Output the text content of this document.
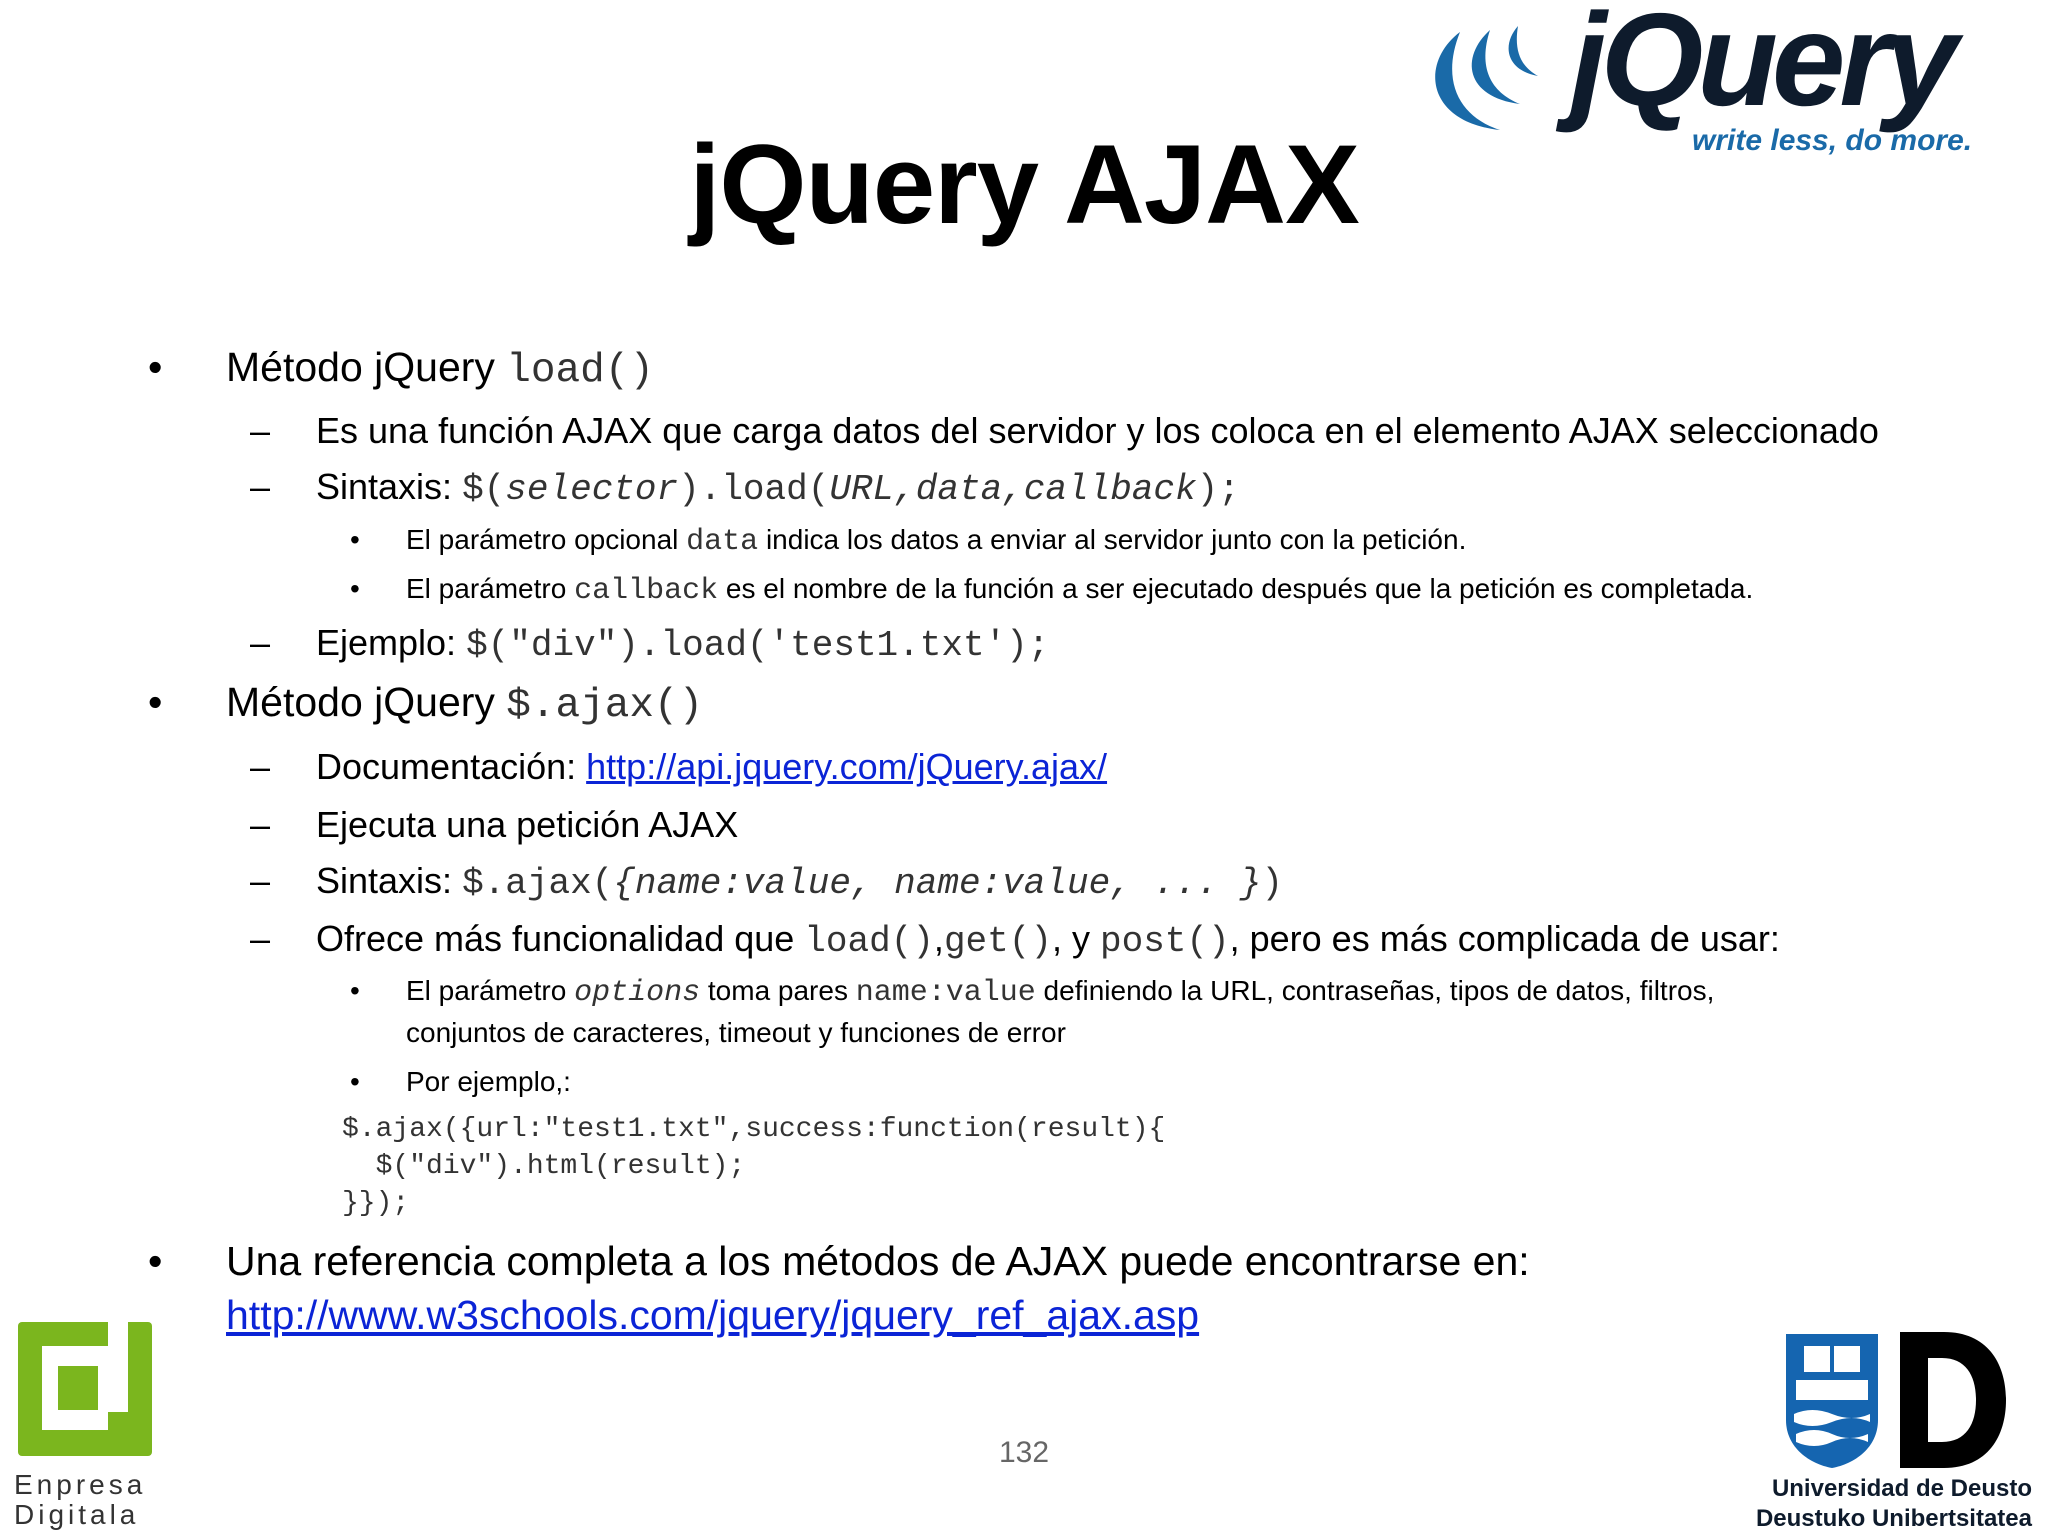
jQuery
write less, do more.
jQuery AJAX
• Método jQuery load()
– Es una función AJAX que carga datos del servidor y los coloca en el elemento AJAX seleccionado
– Sintaxis: $(selector).load(URL,data,callback);
• El parámetro opcional data indica los datos a enviar al servidor junto con la petición.
• El parámetro callback es el nombre de la función a ser ejecutado después que la petición es completada.
– Ejemplo: $("div").load('test1.txt');
• Método jQuery $.ajax()
– Documentación: http://api.jquery.com/jQuery.ajax/
– Ejecuta una petición AJAX
– Sintaxis: $.ajax({name:value, name:value, ... })
– Ofrece más funcionalidad que load(),get(), y post(), pero es más complicada de usar:
• El parámetro options toma pares name:value definiendo la URL, contraseñas, tipos de datos, filtros,
conjuntos de caracteres, timeout y funciones de error
• Por ejemplo,:
$.ajax({url:"test1.txt",success:function(result){
$("div").html(result);
}});
• Una referencia completa a los métodos de AJAX puede encontrarse en:
http://www.w3schools.com/jquery/jquery_ref_ajax.asp
132
Enpresa
Digitala
Universidad de Deusto
Deustuko Unibertsitatea
